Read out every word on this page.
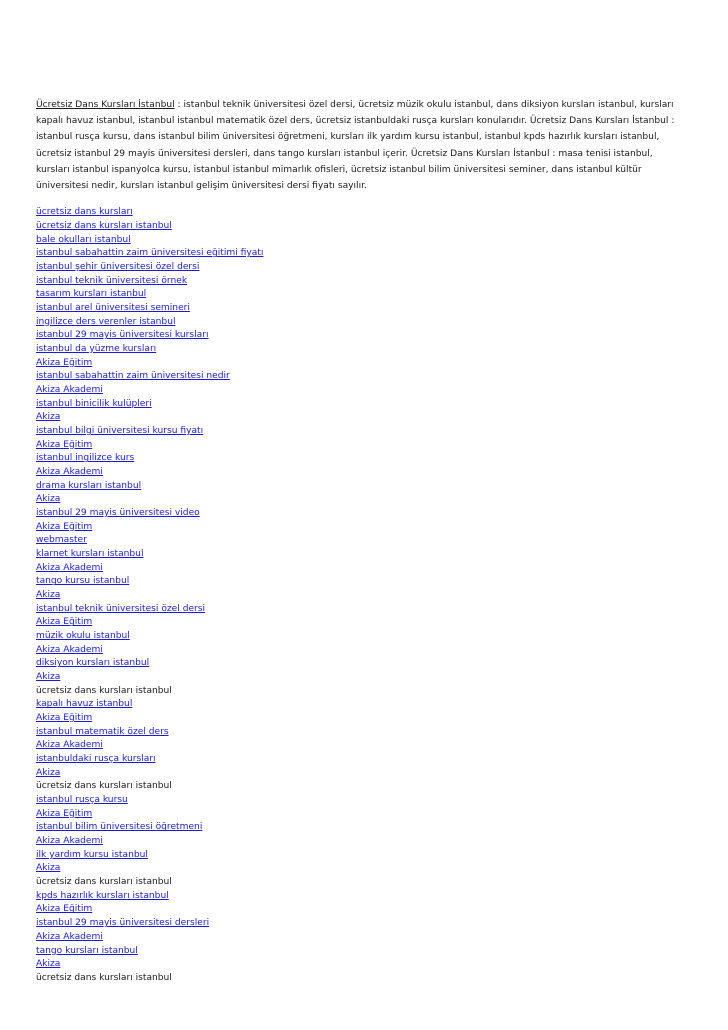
Ücretsiz Dans Kursları İstanbul : istanbul teknik üniversitesi özel dersi, ücretsiz müzik okulu istanbul, dans diksiyon kursları istanbul, kursları
kapalı havuz istanbul, istanbul istanbul matematik özel ders, ücretsiz istanbuldaki rusça kursları konularıdır. Ücretsiz Dans Kursları İstanbul :
istanbul rusça kursu, dans istanbul bilim üniversitesi öğretmeni, kursları ilk yardım kursu istanbul, istanbul kpds hazırlık kursları istanbul,
ücretsiz istanbul 29 mayis üniversitesi dersleri, dans tango kursları istanbul içerir. Ücretsiz Dans Kursları İstanbul : masa tenisi istanbul,
kursları istanbul ispanyolca kursu, istanbul istanbul mimarlık ofisleri, ücretsiz istanbul bilim üniversitesi seminer, dans istanbul kültür
üniversitesi nedir, kursları istanbul gelişim üniversitesi dersi fiyatı sayılır.

ücretsiz dans kursları
ücretsiz dans kursları istanbul
bale okulları istanbul
istanbul sabahattin zaim üniversitesi eğitimi fiyatı
istanbul şehir üniversitesi özel dersi
istanbul teknik üniversitesi örnek
tasarım kursları istanbul
istanbul arel üniversitesi semineri
ingilizce ders verenler istanbul
istanbul 29 mayis üniversitesi kursları
istanbul da yüzme kursları
Akiza Eğitim
istanbul sabahattin zaim üniversitesi nedir
Akiza Akademi
istanbul binicilik kulüpleri
Akiza
istanbul bilgi üniversitesi kursu fiyatı
Akiza Eğitim
istanbul ingilizce kurs
Akiza Akademi
drama kursları istanbul
Akiza
istanbul 29 mayis üniversitesi video
Akiza Eğitim
webmaster
klarnet kursları istanbul
Akiza Akademi
tango kursu istanbul
Akiza
istanbul teknik üniversitesi özel dersi
Akiza Eğitim
müzik okulu istanbul
Akiza Akademi
diksiyon kursları istanbul
Akiza
ücretsiz dans kursları istanbul
kapalı havuz istanbul
Akiza Eğitim
istanbul matematik özel ders
Akiza Akademi
istanbuldaki rusça kursları
Akiza
ücretsiz dans kursları istanbul
istanbul rusça kursu
Akiza Eğitim
istanbul bilim üniversitesi öğretmeni
Akiza Akademi
ilk yardım kursu istanbul
Akiza
ücretsiz dans kursları istanbul
kpds hazırlık kursları istanbul
Akiza Eğitim
istanbul 29 mayis üniversitesi dersleri
Akiza Akademi
tango kursları istanbul
Akiza
ücretsiz dans kursları istanbul
